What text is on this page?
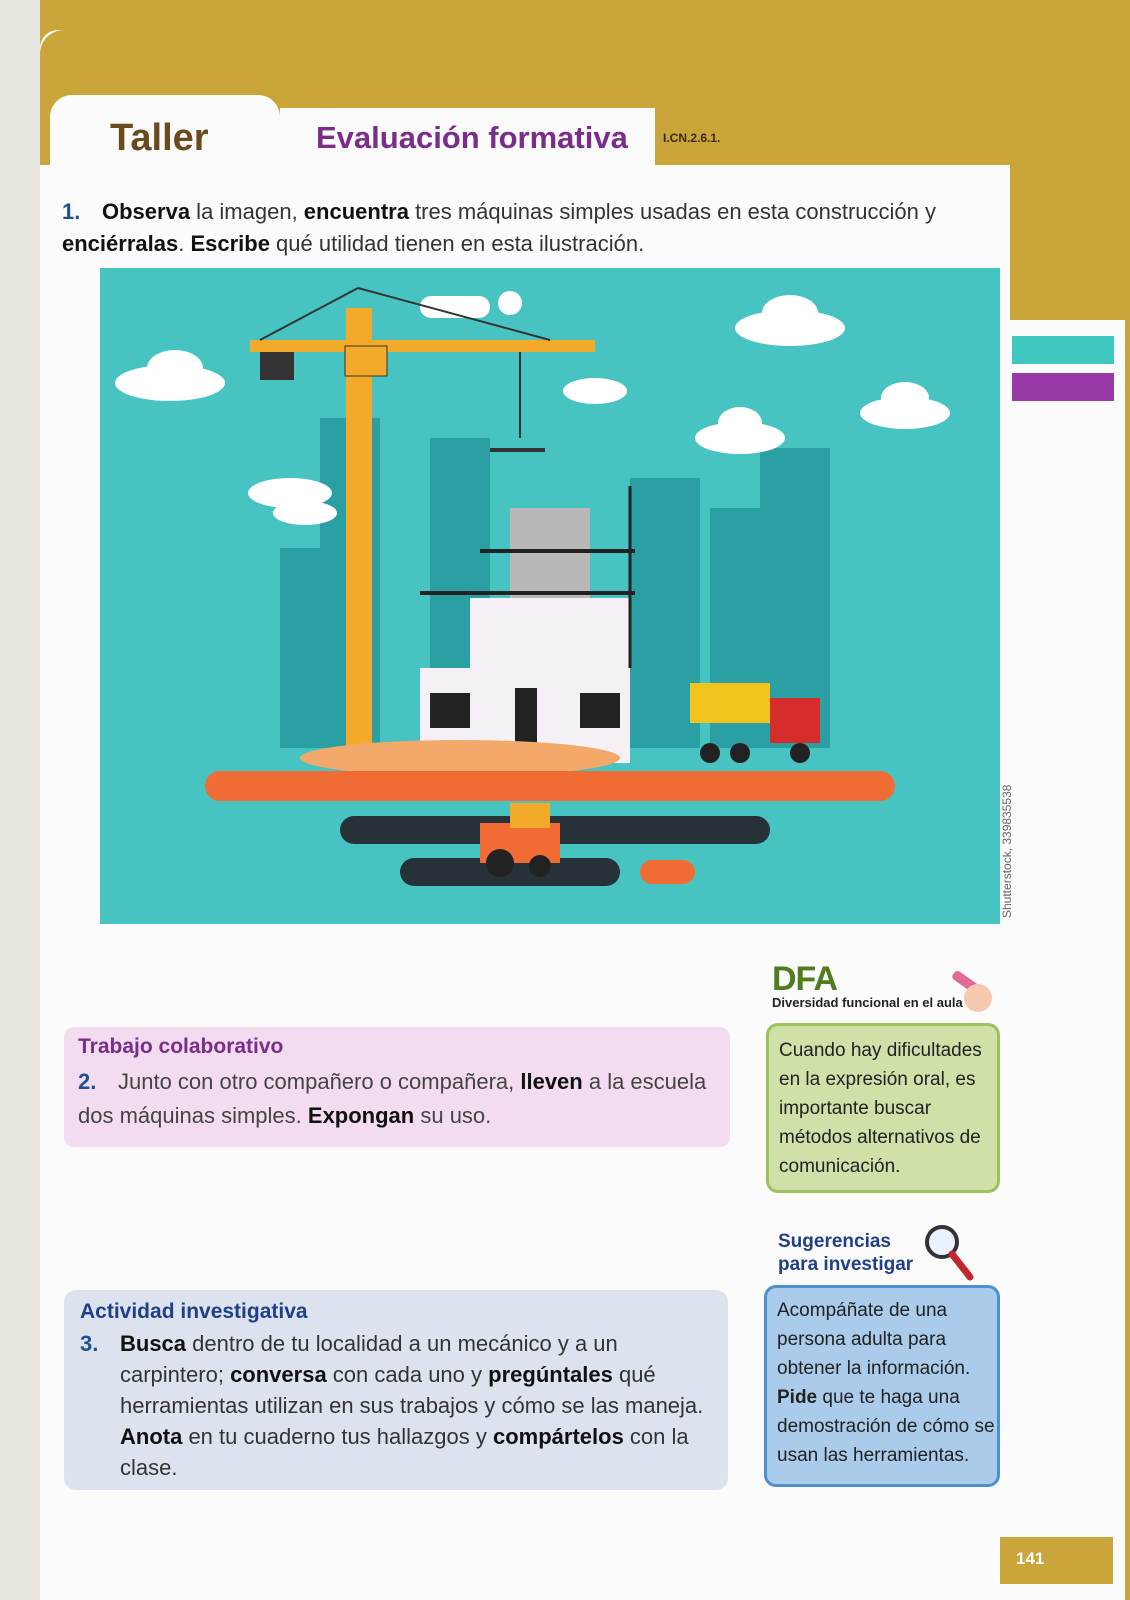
Taller	Evaluación formativa	I.CN.2.6.1.
1. Observa la imagen, encuentra tres máquinas simples usadas en esta construcción y enciérralas. Escribe qué utilidad tienen en esta ilustración.
Shutterstock, 339835538
Trabajo colaborativo
2. Junto con otro compañero o compañera, lleven a la escuela dos máquinas simples. Expongan su uso.
DFA
Diversidad funcional en el aula
Cuando hay dificultades en la expresión oral, es importante buscar métodos alternativos de comunicación.
Actividad investigativa
3. Busca dentro de tu localidad a un mecánico y a un carpintero; conversa con cada uno y pregúntales qué herramientas utilizan en sus trabajos y cómo se las maneja. Anota en tu cuaderno tus hallazgos y compártelos con la clase.
Sugerencias
para investigar
Acompáñate de una persona adulta para obtener la información. Pide que te haga una demostración de cómo se usan las herramientas.
141
